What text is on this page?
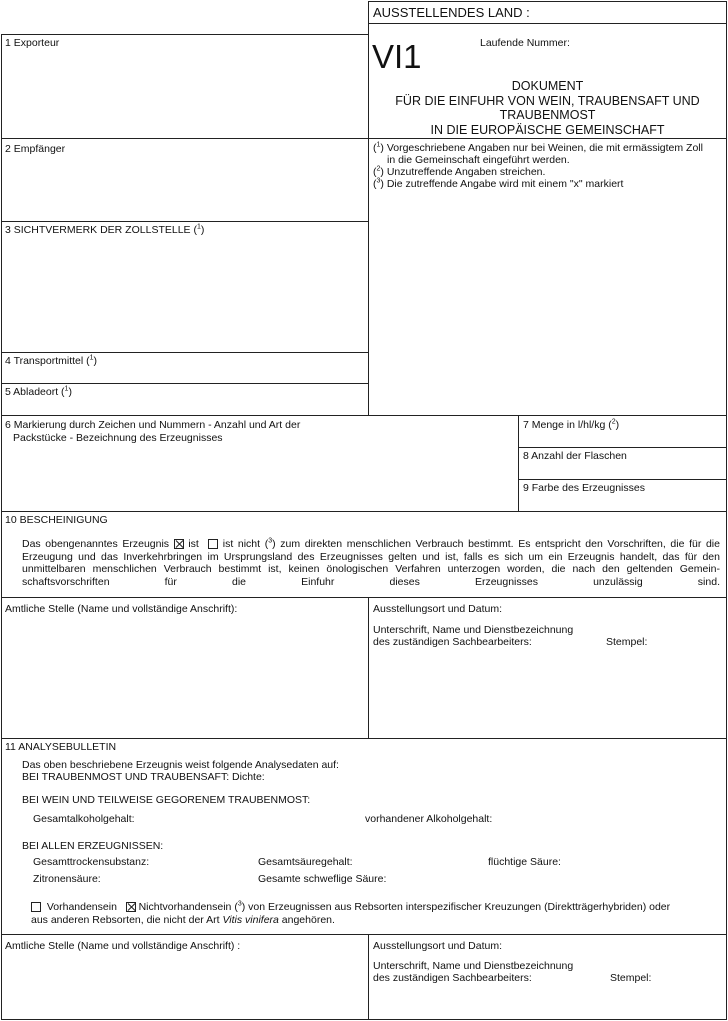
AUSSTELLENDES LAND :
VI1	Laufende Nummer:
DOKUMENT
FÜR DIE EINFUHR VON WEIN, TRAUBENSAFT UND
TRAUBENMOST
IN DIE EUROPÄISCHE GEMEINSCHAFT
1 Exporteur
2 Empfänger
3 SICHTVERMERK DER ZOLLSTELLE ($^1$)
4 Transportmittel ($^1$)
5 Abladeort ($^1$)
($^1$) Vorgeschriebene Angaben nur bei Weinen, die mit ermässigtem Zoll
in die Gemeinschaft eingeführt werden.
($^2$) Unzutreffende Angaben streichen.
($^3$) Die zutreffende Angabe wird mit einem "x" markiert
6 Markierung durch Zeichen und Nummern - Anzahl und Art der
Packstücke - Bezeichnung des Erzeugnisses
7 Menge in l/hl/kg ($^2$)
8 Anzahl der Flaschen
9 Farbe des Erzeugnisses
10 BESCHEINIGUNG
Das obengenanntes Erzeugnis ist ist nicht ($^3$) zum direkten menschlichen Verbrauch bestimmt. Es entspricht den Vorschriften, die für die Erzeugung und das Inverkehrbringen im Ursprungsland des Erzeugnisses gelten und ist, falls es sich um ein Erzeugnis handelt, das für den unmittelbaren menschlichen Verbrauch bestimmt ist, keinen önologischen Verfahren unterzogen worden, die nach den geltenden Gemein-schaftsvorschriften für die Einfuhr dieses Erzeugnisses unzulässig sind.
Amtliche Stelle (Name und vollständige Anschrift):	Ausstellungsort und Datum:
Unterschrift, Name und Dienstbezeichnung
des zuständigen Sachbearbeiters:	Stempel:
11 ANALYSEBULLETIN
Das oben beschriebene Erzeugnis weist folgende Analysedaten auf:
BEI TRAUBENMOST UND TRAUBENSAFT: Dichte:
BEI WEIN UND TEILWEISE GEGORENEM TRAUBENMOST:
Gesamtalkoholgehalt:	vorhandener Alkoholgehalt:
BEI ALLEN ERZEUGNISSEN:
Gesamttrockensubstanz:	Gesamtsäuregehalt:	flüchtige Säure:
Zitronensäure:	Gesamte schweflige Säure:
Vorhandensein Nichtvorhandensein ($^3$) von Erzeugnissen aus Rebsorten interspezifischer Kreuzungen (Direktträgerhybriden) oder
aus anderen Rebsorten, die nicht der Art Vitis vinifera angehören.
Amtliche Stelle (Name und vollständige Anschrift) :	Ausstellungsort und Datum:
Unterschrift, Name und Dienstbezeichnung
des zuständigen Sachbearbeiters:	Stempel:
